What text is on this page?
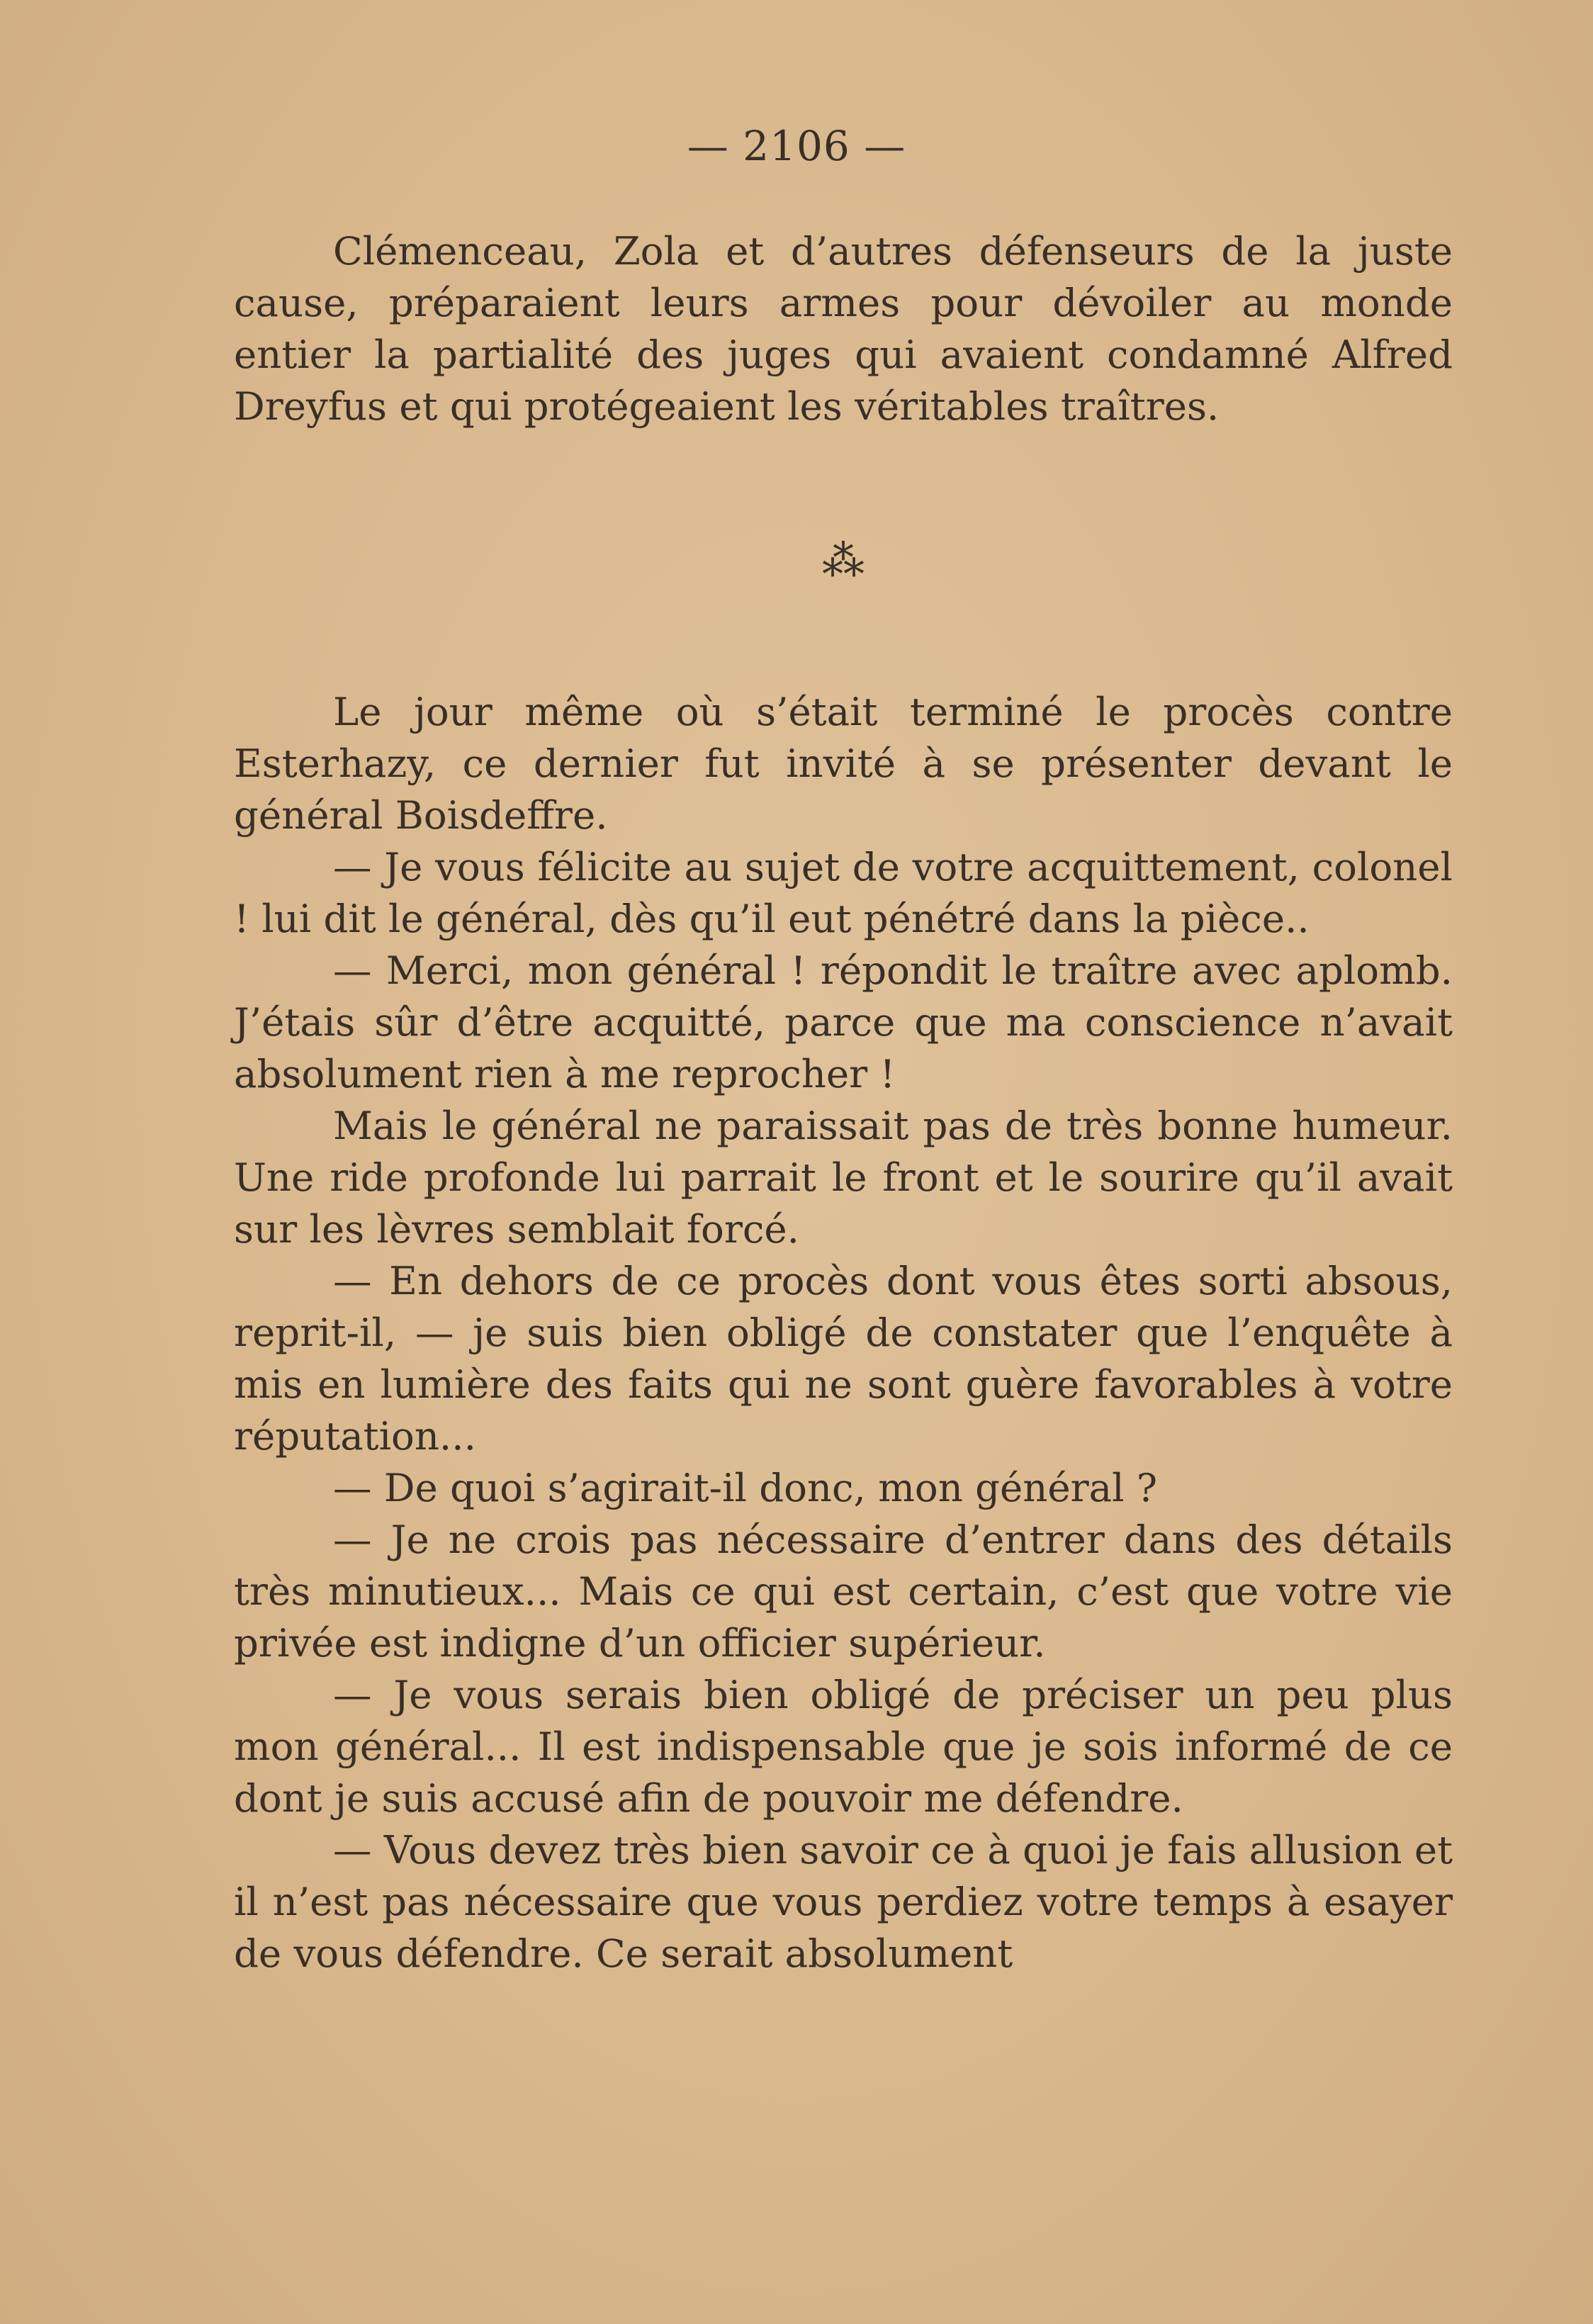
— 2106 —

Clémenceau, Zola et d’autres défenseurs de la juste cause, préparaient leurs armes pour dévoiler au monde entier la partialité des juges qui avaient condamné Alfred Dreyfus et qui protégeaient les véritables traîtres.

⁂

Le jour même où s’était terminé le procès contre Esterhazy, ce dernier fut invité à se présenter devant le général Boisdeffre.

— Je vous félicite au sujet de votre acquittement, colonel ! lui dit le général, dès qu’il eut pénétré dans la pièce..

— Merci, mon général ! répondit le traître avec aplomb. J’étais sûr d’être acquitté, parce que ma conscience n’avait absolument rien à me reprocher !

Mais le général ne paraissait pas de très bonne humeur. Une ride profonde lui parrait le front et le sourire qu’il avait sur les lèvres semblait forcé.

— En dehors de ce procès dont vous êtes sorti absous, reprit-il, — je suis bien obligé de constater que l’enquête à mis en lumière des faits qui ne sont guère favorables à votre réputation...

— De quoi s’agirait-il donc, mon général ?

— Je ne crois pas nécessaire d’entrer dans des détails très minutieux... Mais ce qui est certain, c’est que votre vie privée est indigne d’un officier supérieur.

— Je vous serais bien obligé de préciser un peu plus mon général... Il est indispensable que je sois informé de ce dont je suis accusé afin de pouvoir me défendre.

— Vous devez très bien savoir ce à quoi je fais allusion et il n’est pas nécessaire que vous perdiez votre temps à esayer de vous défendre. Ce serait absolument
